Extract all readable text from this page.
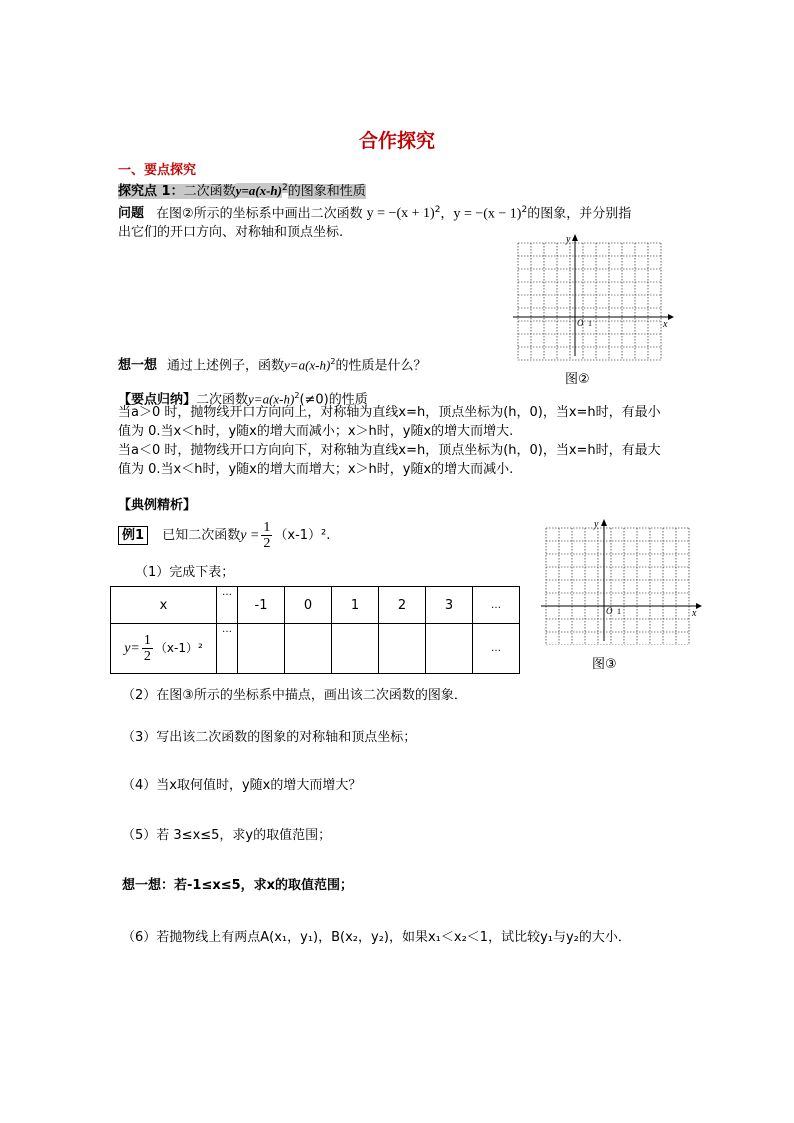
合作探究
一、要点探究
探究点 1：二次函数$y=a(x-h)^2$的图象和性质
问题 在图②所示的坐标系中画出二次函数 $y = -(x + 1)^2$，$y = -(x - 1)^2$的图象，并分别指
出它们的开口方向、对称轴和顶点坐标.
x
y
O 1
图②
想一想 通过上述例子，函数$y=a(x-h)^2$的性质是什么？
【要点归纳】二次函数$y=a(x-h)^2(\ne 0)$的性质
当a＞0 时，抛物线开口方向向上，对称轴为直线x=h，顶点坐标为(h，0)，当x=h时，有最小
值为 0.当x＜h时，y随x的增大而减小；x＞h时，y随x的增大而增大.
当a＜0 时，抛物线开口方向向下，对称轴为直线x=h，顶点坐标为(h，0)，当x=h时，有最大
值为 0.当x＜h时，y随x的增大而增大；x＞h时，y随x的增大而减小.
【典例精析】
例1 已知二次函数$y = \frac{1}{2} (x-1)^2$.
x
y
O 1
图③
（1）完成下表；
x	…	-1	0	1	2	3	…
$y= \frac{1}{2} (x-1)^2$	…						…
（2）在图③所示的坐标系中描点，画出该二次函数的图象．
（3）写出该二次函数的图象的对称轴和顶点坐标；
（4）当x取何值时，y随x的增大而增大？
（5）若 3≤x≤5，求y的取值范围；
想一想：若-1≤x≤5，求x的取值范围；
（6）若抛物线上有两点A(x₁，y₁)，B(x₂，y₂)，如果x₁＜x₂＜1，试比较y₁与y₂的大小．
